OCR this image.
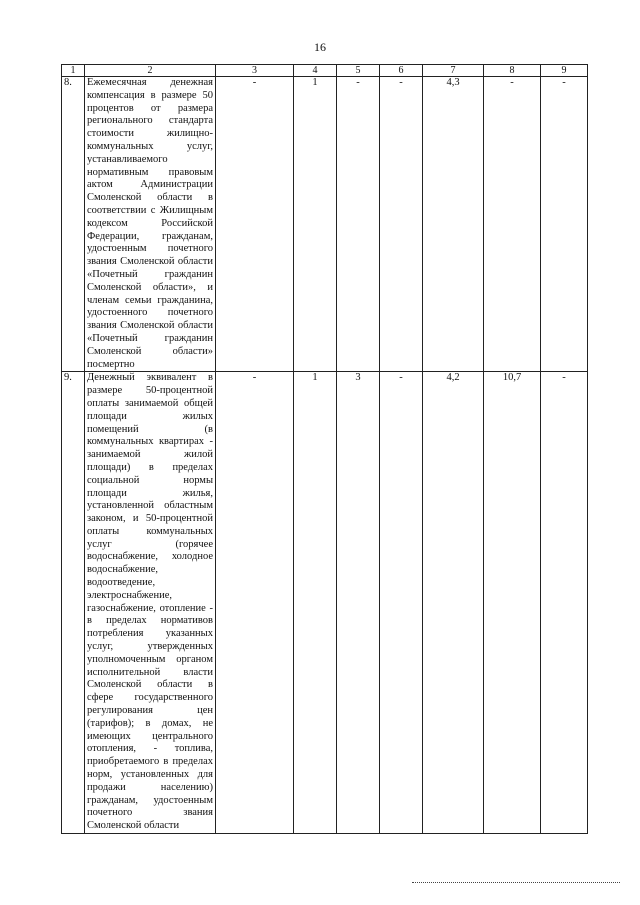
16
1	2	3	4	5	6	7	8	9
8.	Ежемесячная денежная компенсация в размере 50 процентов от размера регионального стандарта стоимости жилищно-коммунальных услуг, устанавливаемого нормативным правовым актом Администрации Смоленской области в соответствии с Жилищным кодексом Российской Федерации, гражданам, удостоенным почетного звания Смоленской области «Почетный гражданин Смоленской области», и членам семьи гражданина, удостоенного почетного звания Смоленской области «Почетный гражданин Смоленской области» посмертно	-	1	-	-	4,3	-	-
9.	Денежный эквивалент в размере 50-процентной оплаты занимаемой общей площади жилых помещений (в коммунальных квартирах - занимаемой жилой площади) в пределах социальной нормы площади жилья, установленной областным законом, и 50-процентной оплаты коммунальных услуг (горячее водоснабжение, холодное водоснабжение, водоотведение, электроснабжение, газоснабжение, отопление - в пределах нормативов потребления указанных услуг, утвержденных уполномоченным органом исполнительной власти Смоленской области в сфере государственного регулирования цен (тарифов); в домах, не имеющих центрального отопления, - топлива, приобретаемого в пределах норм, установленных для продажи населению) гражданам, удостоенным почетного звания Смоленской области	-	1	3	-	4,2	10,7	-
